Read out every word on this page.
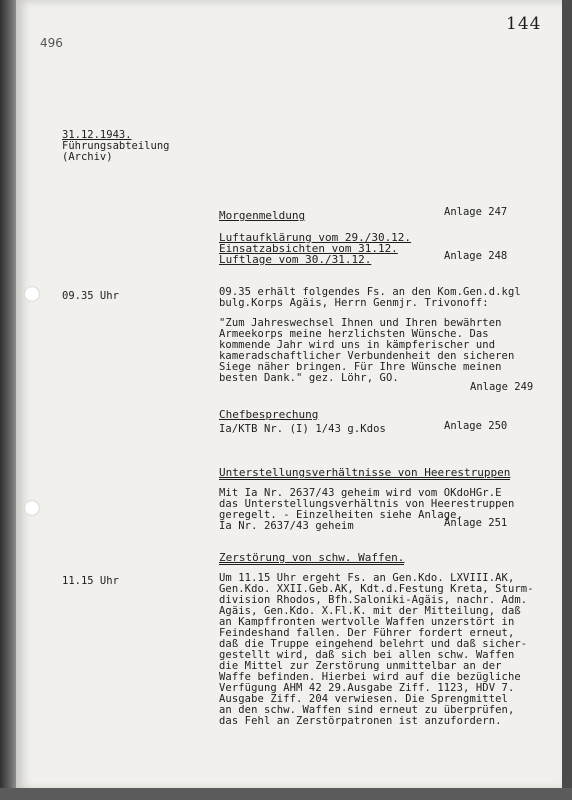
144
496
31.12.1943.
Führungsabteilung
(Archiv)
Morgenmeldung	Anlage 247
Luftaufklärung vom 29./30.12.
Einsatzabsichten vom 31.12.
Luftlage vom 30./31.12.	Anlage 248
09.35 Uhr	09.35 erhält folgendes Fs. an den Kom.Gen.d.kgl
bulg.Korps Agäis, Herrn Genmjr. Trivonoff:
"Zum Jahreswechsel Ihnen und Ihren bewährten
Armeekorps meine herzlichsten Wünsche. Das
kommende Jahr wird uns in kämpferischer und
kameradschaftlicher Verbundenheit den sicheren
Siege näher bringen. Für Ihre Wünsche meinen
besten Dank." gez. Löhr, GO.
Anlage 249
Chefbesprechung
Ia/KTB Nr. (I) 1/43 g.Kdos	Anlage 250
Unterstellungsverhältnisse von Heerestruppen
Mit Ia Nr. 2637/43 geheim wird vom OKdoHGr.E
das Unterstellungsverhältnis von Heerestruppen
geregelt. - Einzelheiten siehe Anlage.
Ia Nr. 2637/43 geheim	Anlage 251
Zerstörung von schw. Waffen.
11.15 Uhr	Um 11.15 Uhr ergeht Fs. an Gen.Kdo. LXVIII.AK,
Gen.Kdo. XXII.Geb.AK, Kdt.d.Festung Kreta, Sturm-
division Rhodos, Bfh.Saloniki-Agäis, nachr. Adm.
Agäis, Gen.Kdo. X.Fl.K. mit der Mitteilung, daß
an Kampffronten wertvolle Waffen unzerstört in
Feindeshand fallen. Der Führer fordert erneut,
daß die Truppe eingehend belehrt und daß sicher-
gestellt wird, daß sich bei allen schw. Waffen
die Mittel zur Zerstörung unmittelbar an der
Waffe befinden. Hierbei wird auf die bezügliche
Verfügung AHM 42 29.Ausgabe Ziff. 1123, HDV 7.
Ausgabe Ziff. 204 verwiesen. Die Sprengmittel
an den schw. Waffen sind erneut zu überprüfen,
das Fehl an Zerstörpatronen ist anzufordern.
